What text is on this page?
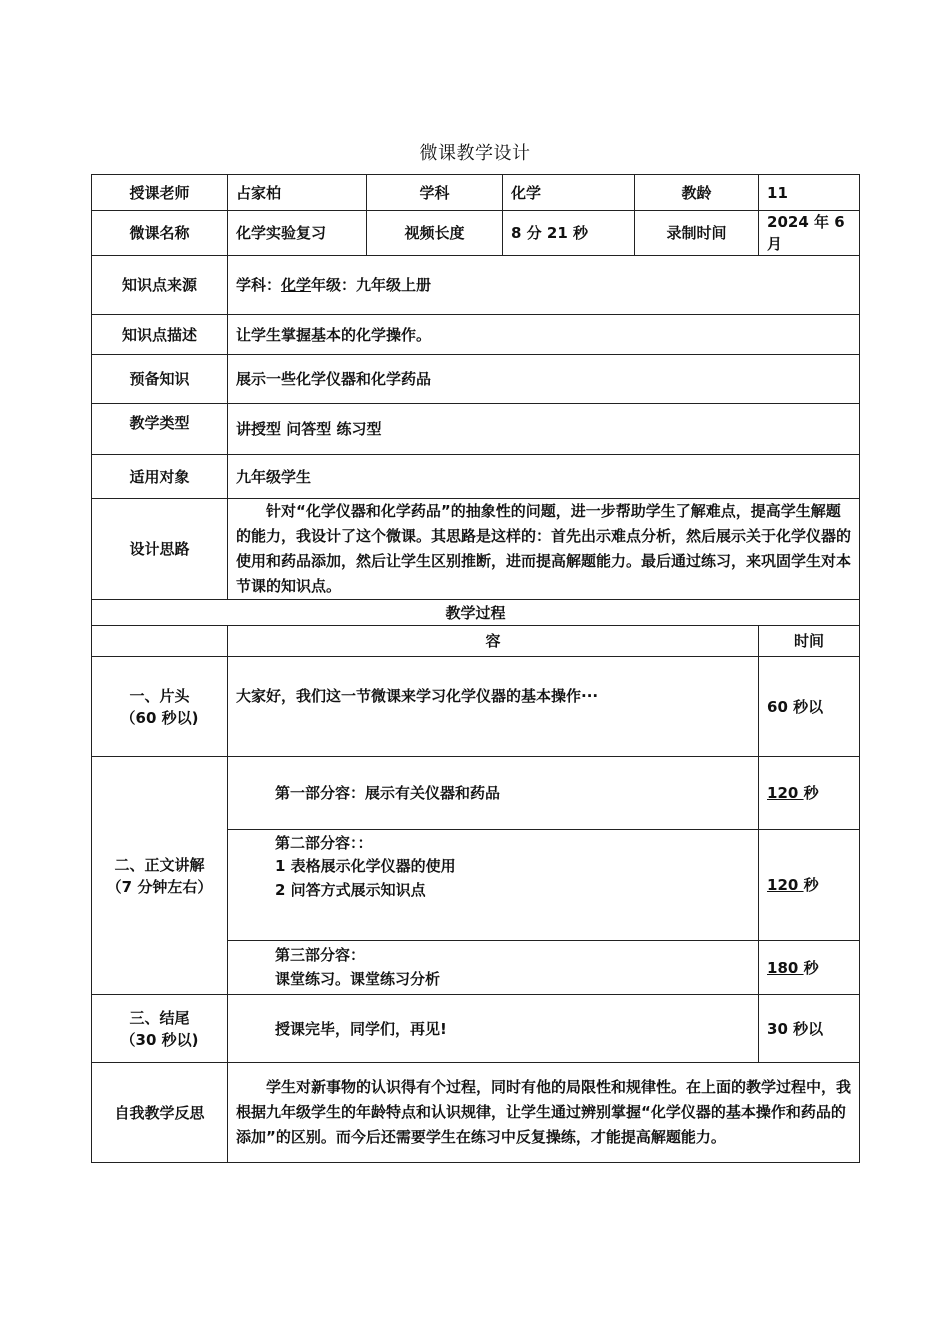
微课教学设计
授课老师	占家柏	学科	化学	教龄	11
微课名称	化学实验复习	视频长度	8 分 21 秒	录制时间	2024 年 6 月
知识点来源	学科：化学年级：九年级上册				
知识点描述	让学生掌握基本的化学操作。				
预备知识	展示一些化学仪器和化学药品				
教学类型	讲授型 问答型 练习型				
适用对象	九年级学生				
设计思路	针对“化学仪器和化学药品”的抽象性的问题，进一步帮助学生了解难点，提高学生解题的能力，我设计了这个微课。其思路是这样的：首先出示难点分析，然后展示关于化学仪器的使用和药品添加，然后让学生区别推断，进而提高解题能力。最后通过练习，来巩固学生对本节课的知识点。				
教学过程					
	容				时间

一、片头
（60 秒以)	大家好，我们这一节微课来学习化学仪器的基本操作···				60 秒以

二、正文讲解
（7 分钟左右）	第一部分容：展示有关仪器和药品				120 秒

	第二部分容：：
1 表格展示化学仪器的使用
2 问答方式展示知识点				120 秒

	第三部分容：
课堂练习。课堂练习分析				180 秒

三、结尾
（30 秒以)	授课完毕，同学们，再见!				30 秒以
自我教学反思	学生对新事物的认识得有个过程，同时有他的局限性和规律性。在上面的教学过程中，我根据九年级学生的年龄特点和认识规律，让学生通过辨别掌握“化学仪器的基本操作和药品的添加”的区别。而今后还需要学生在练习中反复操练，才能提高解题能力。				
